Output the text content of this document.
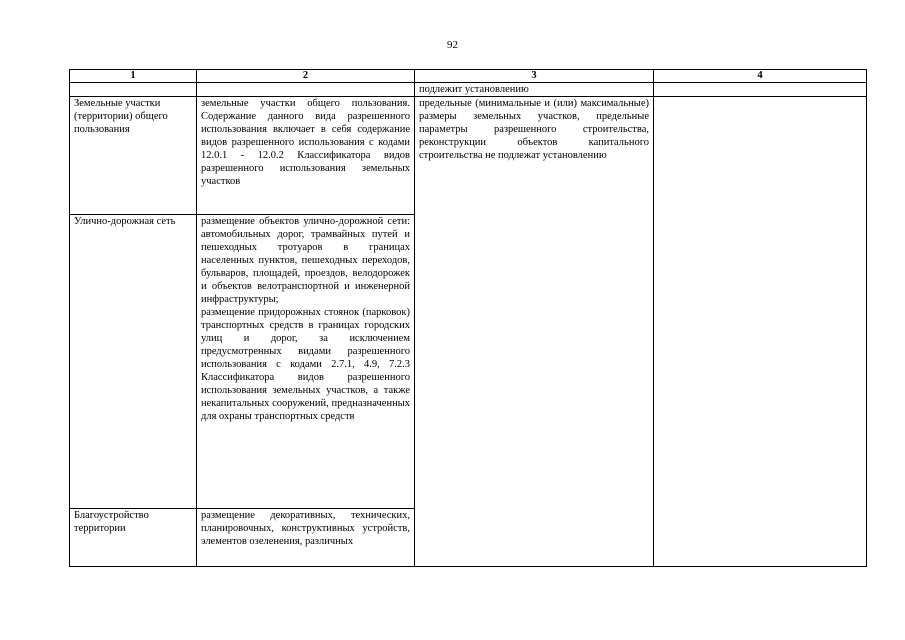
92
1	2	3	4
		подлежит установлению	
Земельные участки (территории) общего пользования	земельные участки общего пользования. Содержание данного вида разрешенного использования включает в себя содержание видов разрешенного использования с кодами 12.0.1 - 12.0.2 Классификатора видов разрешенного использования земельных участков	предельные (минимальные и (или) максимальные) размеры земельных участков, предельные параметры разрешенного строительства, реконструкции объектов капитального строительства не подлежат установлению	
Улично-дорожная сеть	размещение объектов улично-дорожной сети: автомобильных дорог, трамвайных путей и пешеходных тротуаров в границах населенных пунктов, пешеходных переходов, бульваров, площадей, проездов, велодорожек и объектов велотранспортной и инженерной инфраструктуры;
размещение придорожных стоянок (парковок) транспортных средств в границах городских улиц и дорог, за исключением предусмотренных видами разрешенного использования с кодами 2.7.1, 4.9, 7.2.3 Классификатора видов разрешенного использования земельных участков, а также некапитальных сооружений, предназначенных для охраны транспортных средств		

Благоустройство территории	размещение декоративных, технических, планировочных, конструктивных устройств, элементов озеленения, различных		
